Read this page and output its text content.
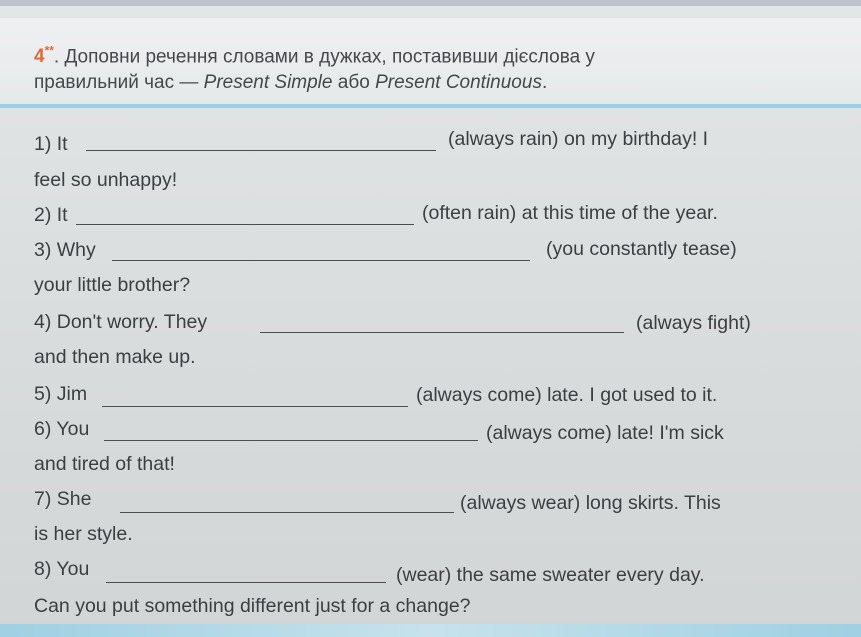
4**. Доповни речення словами в дужках, поставивши дієслова у
правильний час — Present Simple або Present Continuous.
1) It	(always rain) on my birthday! I
feel so unhappy!
2) It	(often rain) at this time of the year.
3) Why	(you constantly tease)
your little brother?
4) Don't worry. They	(always fight)
and then make up.
5) Jim	(always come) late. I got used to it.
6) You	(always come) late! I'm sick
and tired of that!
7) She	(always wear) long skirts. This
is her style.
8) You	(wear) the same sweater every day.
Can you put something different just for a change?
